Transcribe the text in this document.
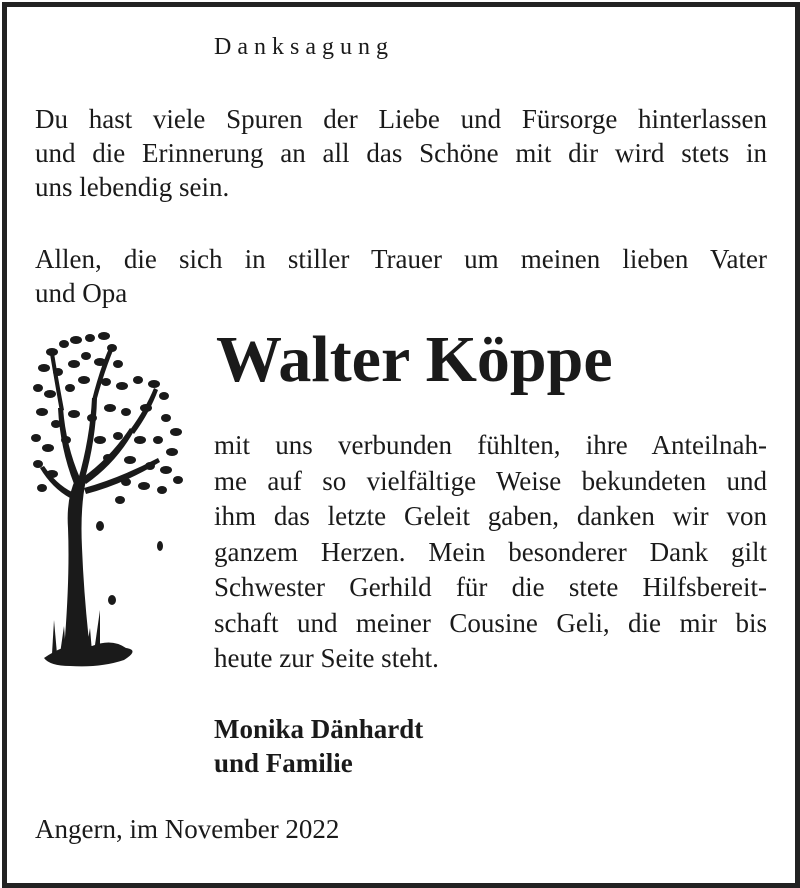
Danksagung
Du hast viele Spuren der Liebe und Fürsorge hinterlassen
und die Erinnerung an all das Schöne mit dir wird stets in
uns lebendig sein.
Allen, die sich in stiller Trauer um meinen lieben Vater
und Opa
Walter Köppe
mit uns verbunden fühlten, ihre Anteilnah-
me auf so vielfältige Weise bekundeten und
ihm das letzte Geleit gaben, danken wir von
ganzem Herzen. Mein besonderer Dank gilt
Schwester Gerhild für die stete Hilfsbereit-
schaft und meiner Cousine Geli, die mir bis
heute zur Seite steht.
Monika Dänhardt
und Familie
Angern, im November 2022
